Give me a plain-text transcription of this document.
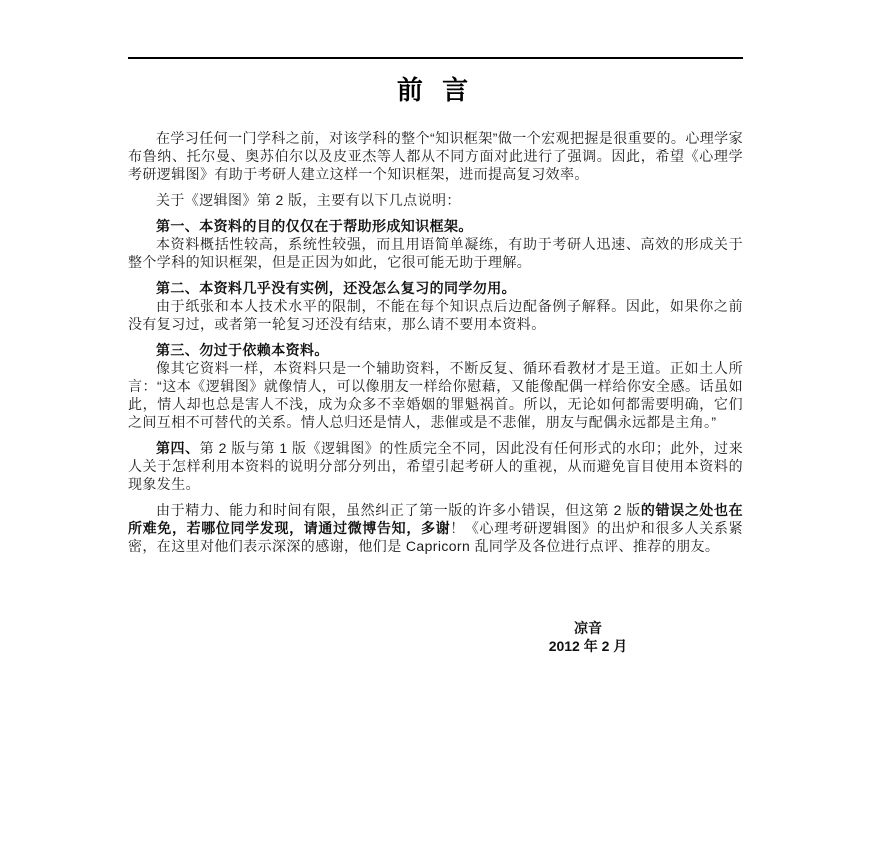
前 言

在学习任何一门学科之前，对该学科的整个“知识框架”做一个宏观把握是很重要的。心理学家布鲁纳、托尔曼、奥苏伯尔以及皮亚杰等人都从不同方面对此进行了强调。因此，希望《心理学考研逻辑图》有助于考研人建立这样一个知识框架，进而提高复习效率。

关于《逻辑图》第 2 版，主要有以下几点说明：

第一、本资料的目的仅仅在于帮助形成知识框架。

本资料概括性较高，系统性较强，而且用语简单凝练，有助于考研人迅速、高效的形成关于整个学科的知识框架，但是正因为如此，它很可能无助于理解。

第二、本资料几乎没有实例，还没怎么复习的同学勿用。

由于纸张和本人技术水平的限制，不能在每个知识点后边配备例子解释。因此，如果你之前没有复习过，或者第一轮复习还没有结束，那么请不要用本资料。

第三、勿过于依赖本资料。

像其它资料一样，本资料只是一个辅助资料，不断反复、循环看教材才是王道。正如土人所言：“这本《逻辑图》就像情人，可以像朋友一样给你慰藉，又能像配偶一样给你安全感。话虽如此，情人却也总是害人不浅，成为众多不幸婚姻的罪魁祸首。所以，无论如何都需要明确，它们之间互相不可替代的关系。情人总归还是情人，悲催或是不悲催，朋友与配偶永远都是主角。”

第四、第 2 版与第 1 版《逻辑图》的性质完全不同，因此没有任何形式的水印；此外，过来人关于怎样利用本资料的说明分部分列出，希望引起考研人的重视，从而避免盲目使用本资料的现象发生。

由于精力、能力和时间有限，虽然纠正了第一版的许多小错误，但这第 2 版的错误之处也在所难免，若哪位同学发现，请通过微博告知，多谢！《心理考研逻辑图》的出炉和很多人关系紧密，在这里对他们表示深深的感谢，他们是 Capricorn 乱同学及各位进行点评、推荐的朋友。

凉音
2012 年 2 月
